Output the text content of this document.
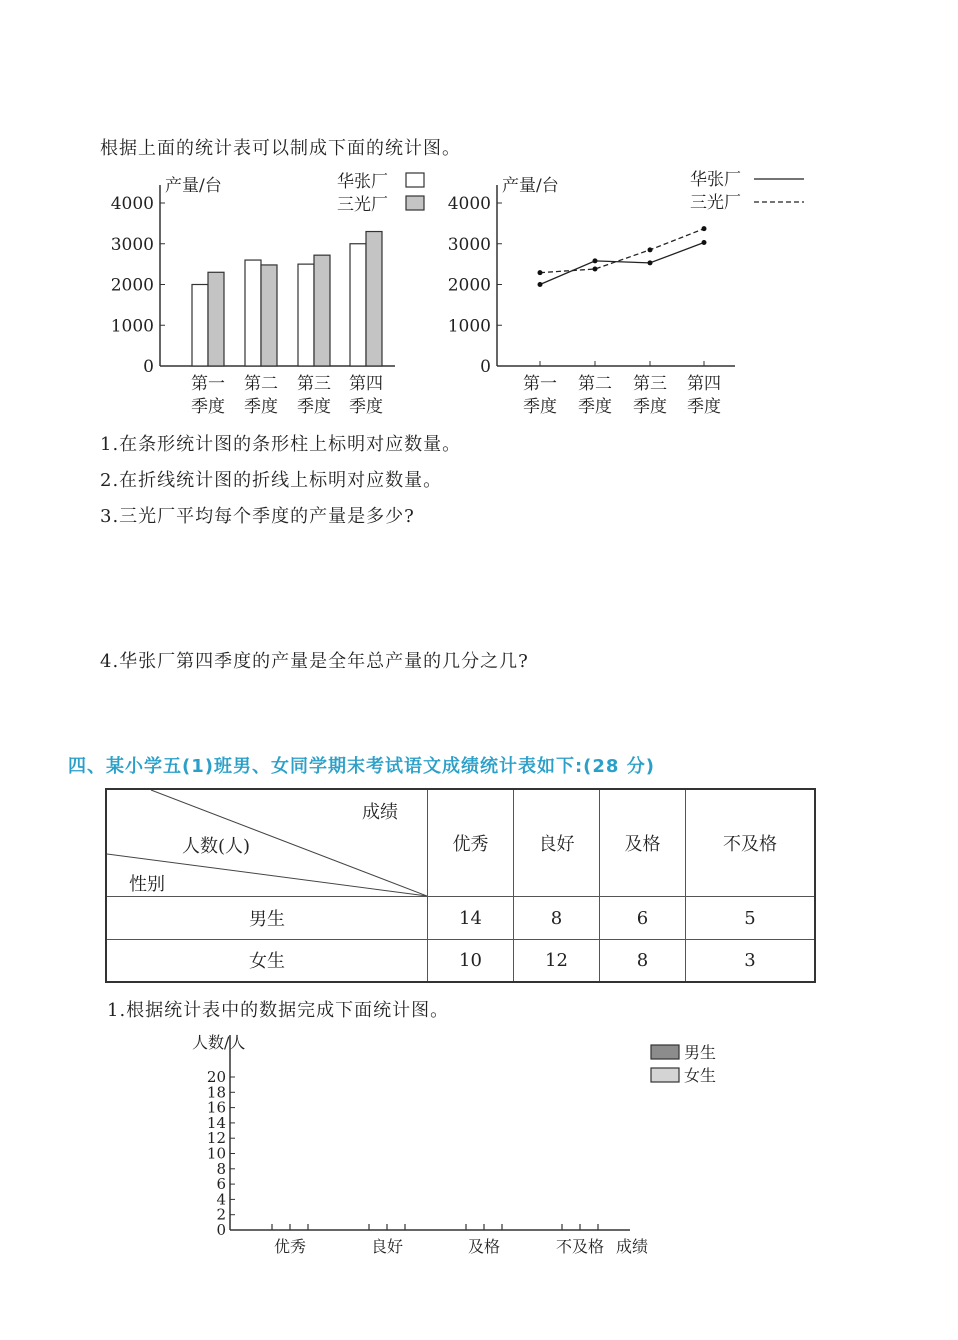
根据上面的统计表可以制成下面的统计图。
产量/台
0
1000
2000
3000
4000
第一
季度
第二
季度
第三
季度
第四
季度
华张厂
三光厂
产量/台
0
1000
2000
3000
4000
第一
季度
第二
季度
第三
季度
第四
季度
华张厂
三光厂
1.在条形统计图的条形柱上标明对应数量。
2.在折线统计图的折线上标明对应数量。
3.三光厂平均每个季度的产量是多少?
4.华张厂第四季度的产量是全年总产量的几分之几?
四、某小学五(1)班男、女同学期末考试语文成绩统计表如下:(28 分)
成绩
人数(人)
性别	优秀	良好	及格	不及格
男生	14	8	6	5
女生	10	12	8	3
1.根据统计表中的数据完成下面统计图。
人数/人
0
2
4
6
8
10
12
14
16
18
20
优秀	良好	及格	不及格 成绩
男生
女生
